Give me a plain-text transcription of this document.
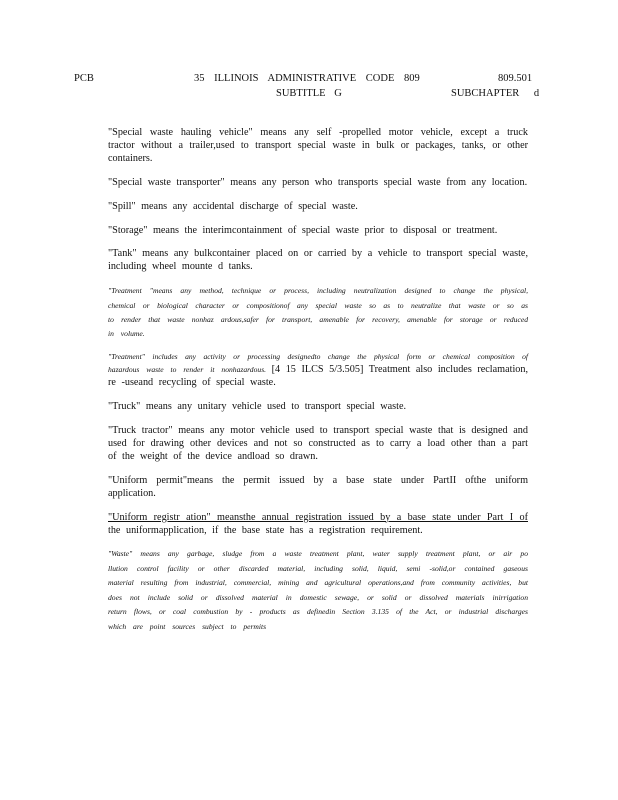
PCB	35 ILLINOIS ADMINISTRATIVE CODE 809	809.501
SUBTITLE G	SUBCHAPTER d

"Special waste hauling vehicle" means any self -propelled motor vehicle, except a truck tractor without a trailer,used to transport special waste in bulk or packages, tanks, or other containers.

"Special waste transporter" means any person who transports special waste from any location.

"Spill" means any accidental discharge of special waste.

"Storage" means the interimcontainment of special waste prior to disposal or treatment.

"Tank" means any bulkcontainer placed on or carried by a vehicle to transport special waste, including wheel mounte d tanks.

"Treatment "means any method, technique or process, including neutralization designed to change the physical, chemical or biological character or compositionof any special waste so as to neutralize that waste or so as to render that waste nonhaz ardous,safer for transport, amenable for recovery, amenable for storage or reduced in volume.

"Treatment" includes any activity or processing designedto change the physical form or chemical composition of hazardous waste to render it nonhazardous. [4 15 ILCS 5/3.505] Treatment also includes reclamation, re -useand recycling of special waste.

"Truck" means any unitary vehicle used to transport special waste.

"Truck tractor" means any motor vehicle used to transport special waste that is designed and used for drawing other devices and not so constructed as to carry a load other than a part of the weight of the device andload so drawn.

"Uniform permit"means the permit issued by a base state under PartII ofthe uniform application.

"Uniform registr ation" meansthe annual registration issued by a base state under Part I of the uniformapplication, if the base state has a registration requirement.

"Waste" means any garbage, sludge from a waste treatment plant, water supply treatment plant, or air po llution control facility or other discarded material, including solid, liquid, semi -solid,or contained gaseous material resulting from industrial, commercial, mining and agricultural operations,and from community activities, but does not include solid or dissolved material in domestic sewage, or solid or dissolved materials inirrigation return flows, or coal combustion by - products as definedin Section 3.135 of the Act, or industrial discharges which are point sources subject to permits
